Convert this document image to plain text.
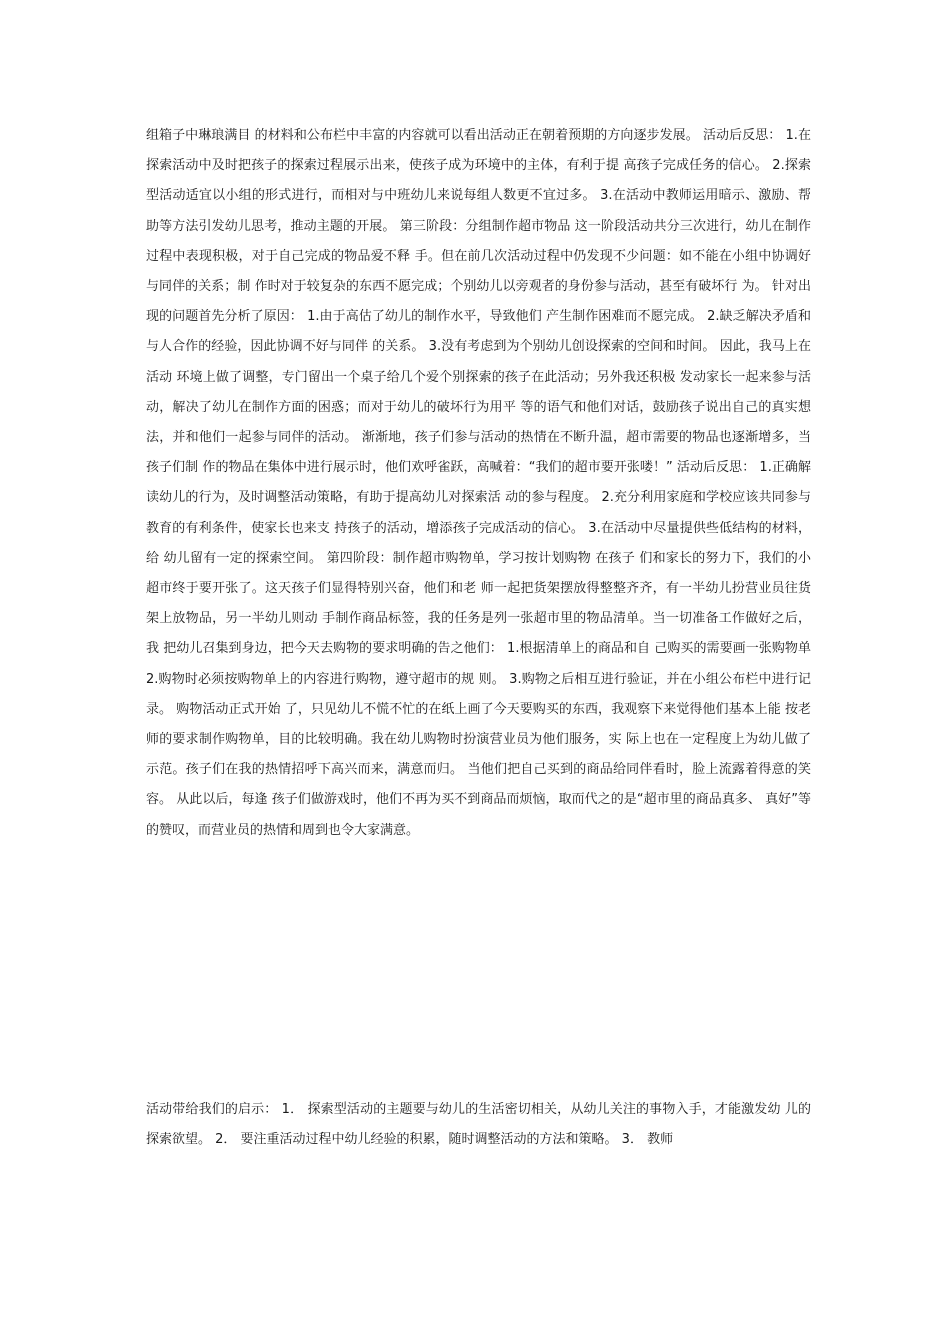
组箱子中琳琅满目 的材料和公布栏中丰富的内容就可以看出活动正在朝着预期的方向逐步发展。 活动后反思： 1.在探索活动中及时把孩子的探索过程展示出来，使孩子成为环境中的主体，有利于提 高孩子完成任务的信心。 2.探索型活动适宜以小组的形式进行，而相对与中班幼儿来说每组人数更不宜过多。 3.在活动中教师运用暗示、激励、帮助等方法引发幼儿思考，推动主题的开展。 第三阶段：分组制作超市物品 这一阶段活动共分三次进行，幼儿在制作过程中表现积极，对于自己完成的物品爱不释 手。但在前几次活动过程中仍发现不少问题：如不能在小组中协调好与同伴的关系；制 作时对于较复杂的东西不愿完成；个别幼儿以旁观者的身份参与活动，甚至有破坏行 为。 针对出现的问题首先分析了原因： 1.由于高估了幼儿的制作水平，导致他们 产生制作困难而不愿完成。 2.缺乏解决矛盾和与人合作的经验，因此协调不好与同伴 的关系。 3.没有考虑到为个别幼儿创设探索的空间和时间。 因此，我马上在活动 环境上做了调整，专门留出一个桌子给几个爱个别探索的孩子在此活动；另外我还积极 发动家长一起来参与活动，解决了幼儿在制作方面的困惑；而对于幼儿的破坏行为用平 等的语气和他们对话，鼓励孩子说出自己的真实想法，并和他们一起参与同伴的活动。 渐渐地，孩子们参与活动的热情在不断升温，超市需要的物品也逐渐增多，当孩子们制 作的物品在集体中进行展示时，他们欢呼雀跃，高喊着：“我们的超市要开张喽！” 活动后反思： 1.正确解读幼儿的行为，及时调整活动策略，有助于提高幼儿对探索活 动的参与程度。 2.充分利用家庭和学校应该共同参与教育的有利条件，使家长也来支 持孩子的活动，增添孩子完成活动的信心。 3.在活动中尽量提供些低结构的材料，给 幼儿留有一定的探索空间。 第四阶段：制作超市购物单，学习按计划购物 在孩子 们和家长的努力下，我们的小超市终于要开张了。这天孩子们显得特别兴奋，他们和老 师一起把货架摆放得整整齐齐，有一半幼儿扮营业员往货架上放物品，另一半幼儿则动 手制作商品标签，我的任务是列一张超市里的物品清单。当一切准备工作做好之后，我 把幼儿召集到身边，把今天去购物的要求明确的告之他们： 1.根据清单上的商品和自 己购买的需要画一张购物单 2.购物时必须按购物单上的内容进行购物，遵守超市的规 则。 3.购物之后相互进行验证，并在小组公布栏中进行记录。 购物活动正式开始 了，只见幼儿不慌不忙的在纸上画了今天要购买的东西，我观察下来觉得他们基本上能 按老师的要求制作购物单，目的比较明确。我在幼儿购物时扮演营业员为他们服务，实 际上也在一定程度上为幼儿做了示范。孩子们在我的热情招呼下高兴而来，满意而归。 当他们把自己买到的商品给同伴看时，脸上流露着得意的笑容。 从此以后，每逢 孩子们做游戏时，他们不再为买不到商品而烦恼，取而代之的是“超市里的商品真多、 真好”等的赞叹，而营业员的热情和周到也令大家满意。

活动带给我们的启示： 1． 探索型活动的主题要与幼儿的生活密切相关，从幼儿关注的事物入手，才能激发幼 儿的探索欲望。 2． 要注重活动过程中幼儿经验的积累，随时调整活动的方法和策略。 3． 教师
